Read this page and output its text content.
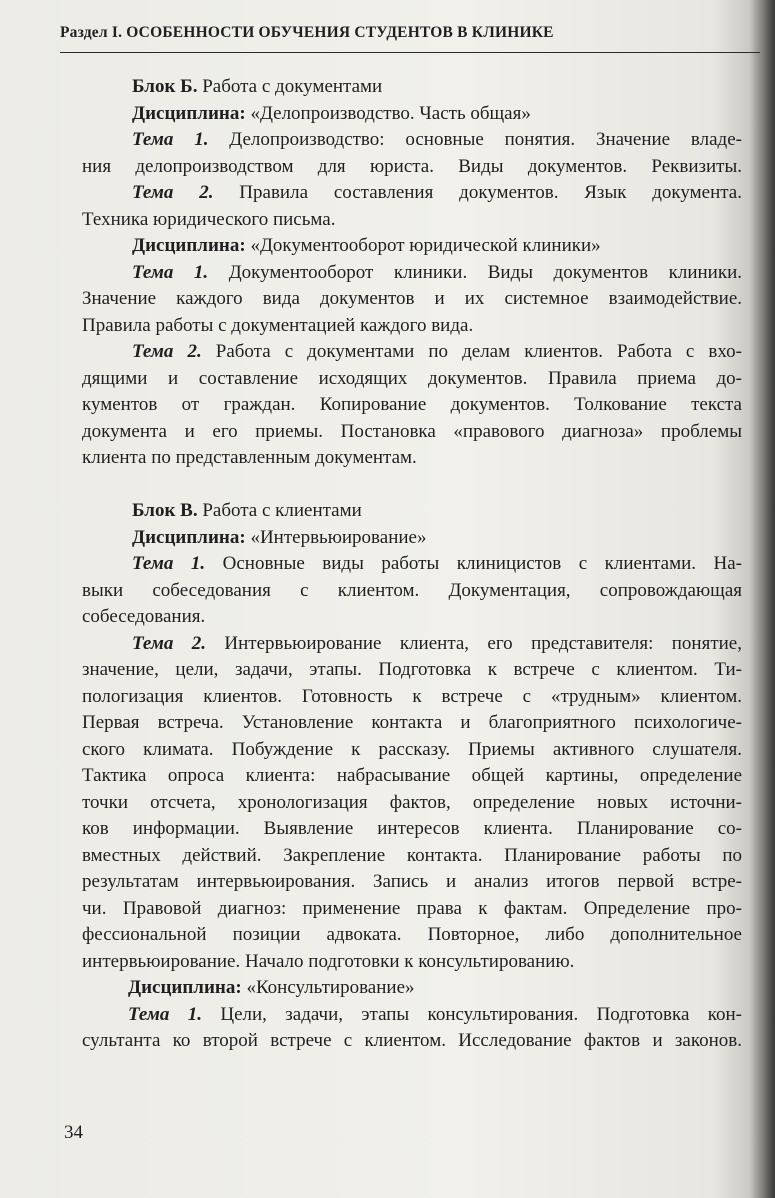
Раздел I. ОСОБЕННОСТИ ОБУЧЕНИЯ СТУДЕНТОВ В КЛИНИКЕ
Блок Б. Работа с документами
Дисциплина: «Делопроизводство. Часть общая»
Тема 1. Делопроизводство: основные понятия. Значение владе-
ния делопроизводством для юриста. Виды документов. Реквизиты.
Тема 2. Правила составления документов. Язык документа.
Техника юридического письма.
Дисциплина: «Документооборот юридической клиники»
Тема 1. Документооборот клиники. Виды документов клиники.
Значение каждого вида документов и их системное взаимодействие.
Правила работы с документацией каждого вида.
Тема 2. Работа с документами по делам клиентов. Работа с вхо-
дящими и составление исходящих документов. Правила приема до-
кументов от граждан. Копирование документов. Толкование текста
документа и его приемы. Постановка «правового диагноза» проблемы
клиента по представленным документам.
Блок В. Работа с клиентами
Дисциплина: «Интервьюирование»
Тема 1. Основные виды работы клиницистов с клиентами. На-
выки собеседования с клиентом. Документация, сопровождающая
собеседования.
Тема 2. Интервьюирование клиента, его представителя: понятие,
значение, цели, задачи, этапы. Подготовка к встрече с клиентом. Ти-
пологизация клиентов. Готовность к встрече с «трудным» клиентом.
Первая встреча. Установление контакта и благоприятного психологиче-
ского климата. Побуждение к рассказу. Приемы активного слушателя.
Тактика опроса клиента: набрасывание общей картины, определение
точки отсчета, хронологизация фактов, определение новых источни-
ков информации. Выявление интересов клиента. Планирование со-
вместных действий. Закрепление контакта. Планирование работы по
результатам интервьюирования. Запись и анализ итогов первой встре-
чи. Правовой диагноз: применение права к фактам. Определение про-
фессиональной позиции адвоката. Повторное, либо дополнительное
интервьюирование. Начало подготовки к консультированию.
Дисциплина: «Консультирование»
Тема 1. Цели, задачи, этапы консультирования. Подготовка кон-
сультанта ко второй встрече с клиентом. Исследование фактов и законов.
34
